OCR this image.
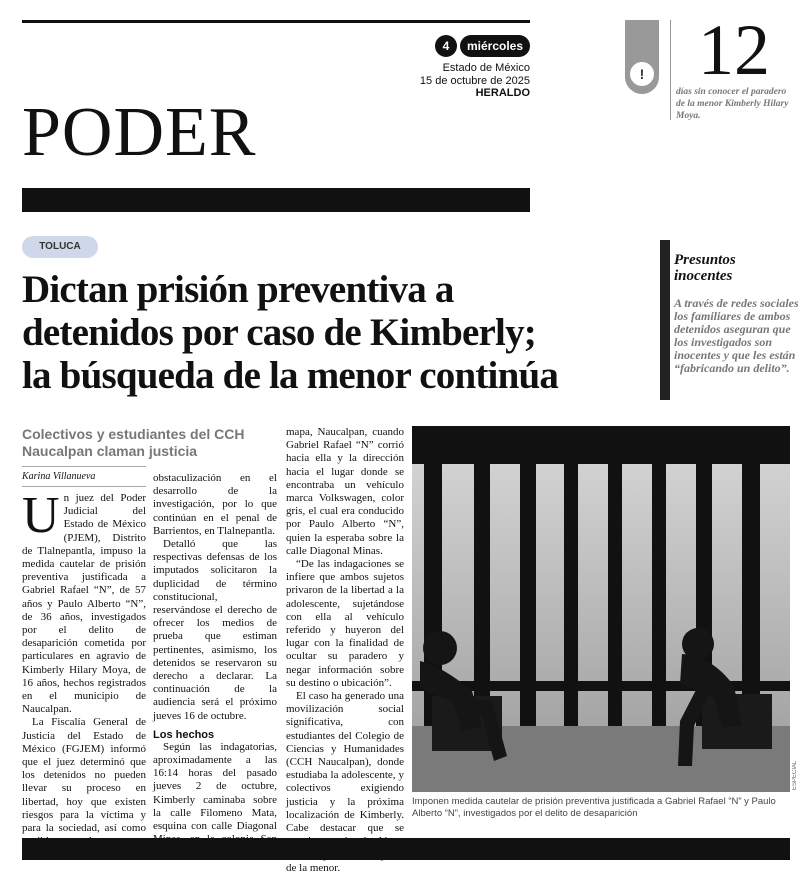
4	miércoles
Estado de México
15 de octubre de 2025
HERALDO
PODER
! 12
días sin conocer el paradero de la menor Kimberly Hilary Moya.
TOLUCA
Dictan prisión preventiva a
detenidos por caso de Kimberly;
la búsqueda de la menor continúa
Presuntos
inocentes
A través de redes sociales los familiares de ambos detenidos aseguran que los investigados son inocentes y que les están “fabricando un delito”.
Colectivos y estudiantes del CCH Naucalpan claman justicia
Karina Villanueva
U n juez del Poder Judicial del Estado de México (PJEM), Distrito de Tlalnepantla, impuso la medida cautelar de prisión preventiva justificada a Gabriel Rafael “N”, de 57 años y Paulo Alberto “N”, de 36 años, investigados por el delito de desaparición cometida por particulares en agravio de Kimberly Hilary Moya, de 16 años, hechos registrados en el municipio de Naucalpan.

La Fiscalía General de Justicia del Estado de México (FGJEM) informó que el juez determinó que los detenidos no pueden llevar su proceso en libertad, hoy que existen riesgos para la víctima y para la sociedad, así como

obstaculización en el desarrollo de la investigación, por lo que continúan en el penal de Barrientos, en Tlalnepantla.

Detalló que las respectivas defensas de los imputados solicitaron la duplicidad de término constitucional, reservándose el derecho de ofrecer los medios de prueba que estiman pertinentes, asimismo, los detenidos se reservaron su derecho a declarar. La continuación de la audiencia será el próximo jueves 16 de octubre.

Los hechos

Según las indagatorias, aproximadamente a las 16:14 horas del pasado jueves 2 de octubre, Kimberly caminaba sobre la calle Filomeno Mata, esquina con calle Diagonal

mapa, Naucalpan, cuando Gabriel Rafael “N” corrió hacia ella y la dirección hacia el lugar donde se encontraba un vehículo marca Volkswagen, color gris, el cual era conducido por Paulo Alberto “N”, quien la esperaba sobre la calle Diagonal Minas.

“De las indagaciones se infiere que ambos sujetos privaron de la libertad a la adolescente, sujetándose con ella al vehículo referido y huyeron del lugar con la finalidad de ocultar su paradero y negar información sobre su destino o ubicación”.

El caso ha generado una movilización social significativa, con estudiantes del Colegio de Ciencias y Humanidades (CCH Naucalpan), donde estudiaba la adolescente, y colectivos exigiendo justicia y la próxima localización de Kimberly. Cabe destacar que se de la menor.

ESPECIAL
Imponen medida cautelar de prisión preventiva justificada a Gabriel Rafael “N” y Paulo Alberto “N”, investigados por el delito de desaparición
